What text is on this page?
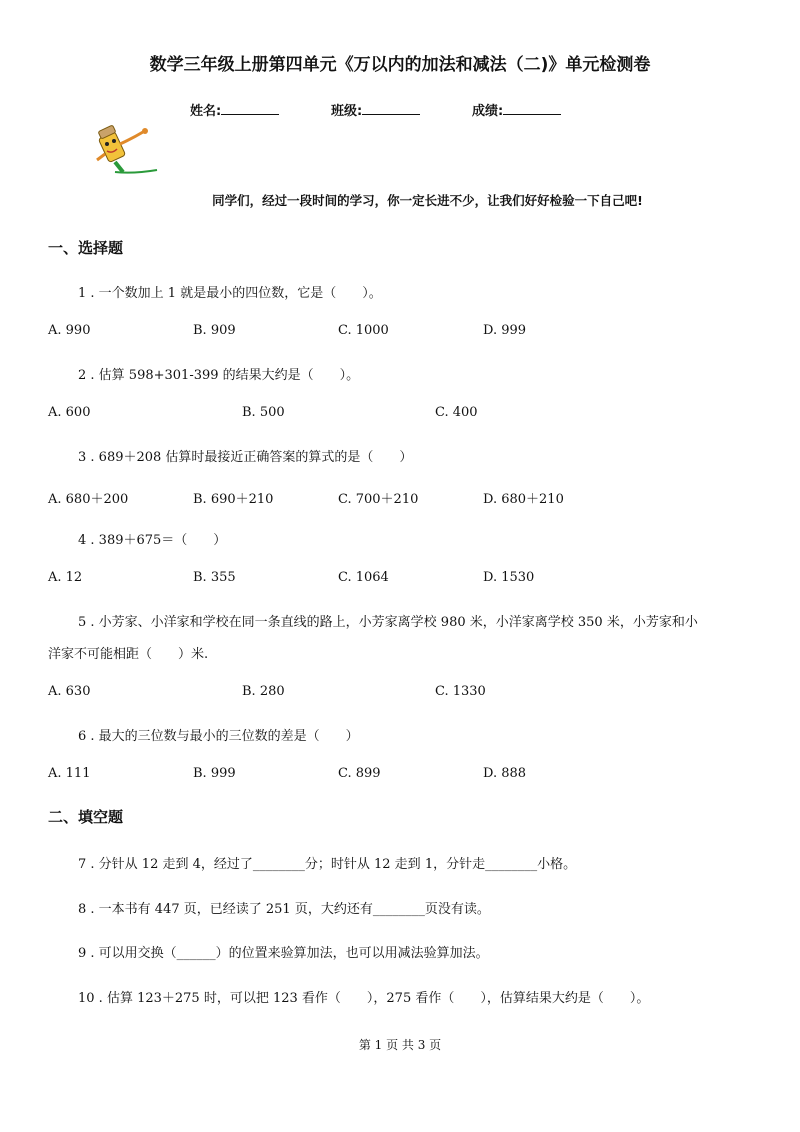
数学三年级上册第四单元《万以内的加法和减法（二)》单元检测卷
姓名:	班级:	成绩:
同学们，经过一段时间的学习，你一定长进不少，让我们好好检验一下自己吧!
一、选择题
1 . 一个数加上 1 就是最小的四位数，它是（　　）。
A. 990	B. 909	C. 1000	D. 999
2 . 估算 598+301-399 的结果大约是（　　）。
A. 600	B. 500	C. 400
3 . 689＋208 估算时最接近正确答案的算式的是（　　）
A. 680＋200	B. 690＋210	C. 700＋210	D. 680＋210
4 . 389＋675＝（　　）
A. 12	B. 355	C. 1064	D. 1530
5 . 小芳家、小洋家和学校在同一条直线的路上，小芳家离学校 980 米，小洋家离学校 350 米，小芳家和小
洋家不可能相距（　　）米.
A. 630	B. 280	C. 1330
6 . 最大的三位数与最小的三位数的差是（　　）
A. 111	B. 999	C. 899	D. 888
二、填空题
7 . 分针从 12 走到 4，经过了________分；时针从 12 走到 1，分针走________小格。
8 . 一本书有 447 页，已经读了 251 页，大约还有________页没有读。
9 . 可以用交换（______）的位置来验算加法，也可以用减法验算加法。
10 . 估算 123＋275 时，可以把 123 看作（　　），275 看作（　　），估算结果大约是（　　）。
第 1 页 共 3 页
